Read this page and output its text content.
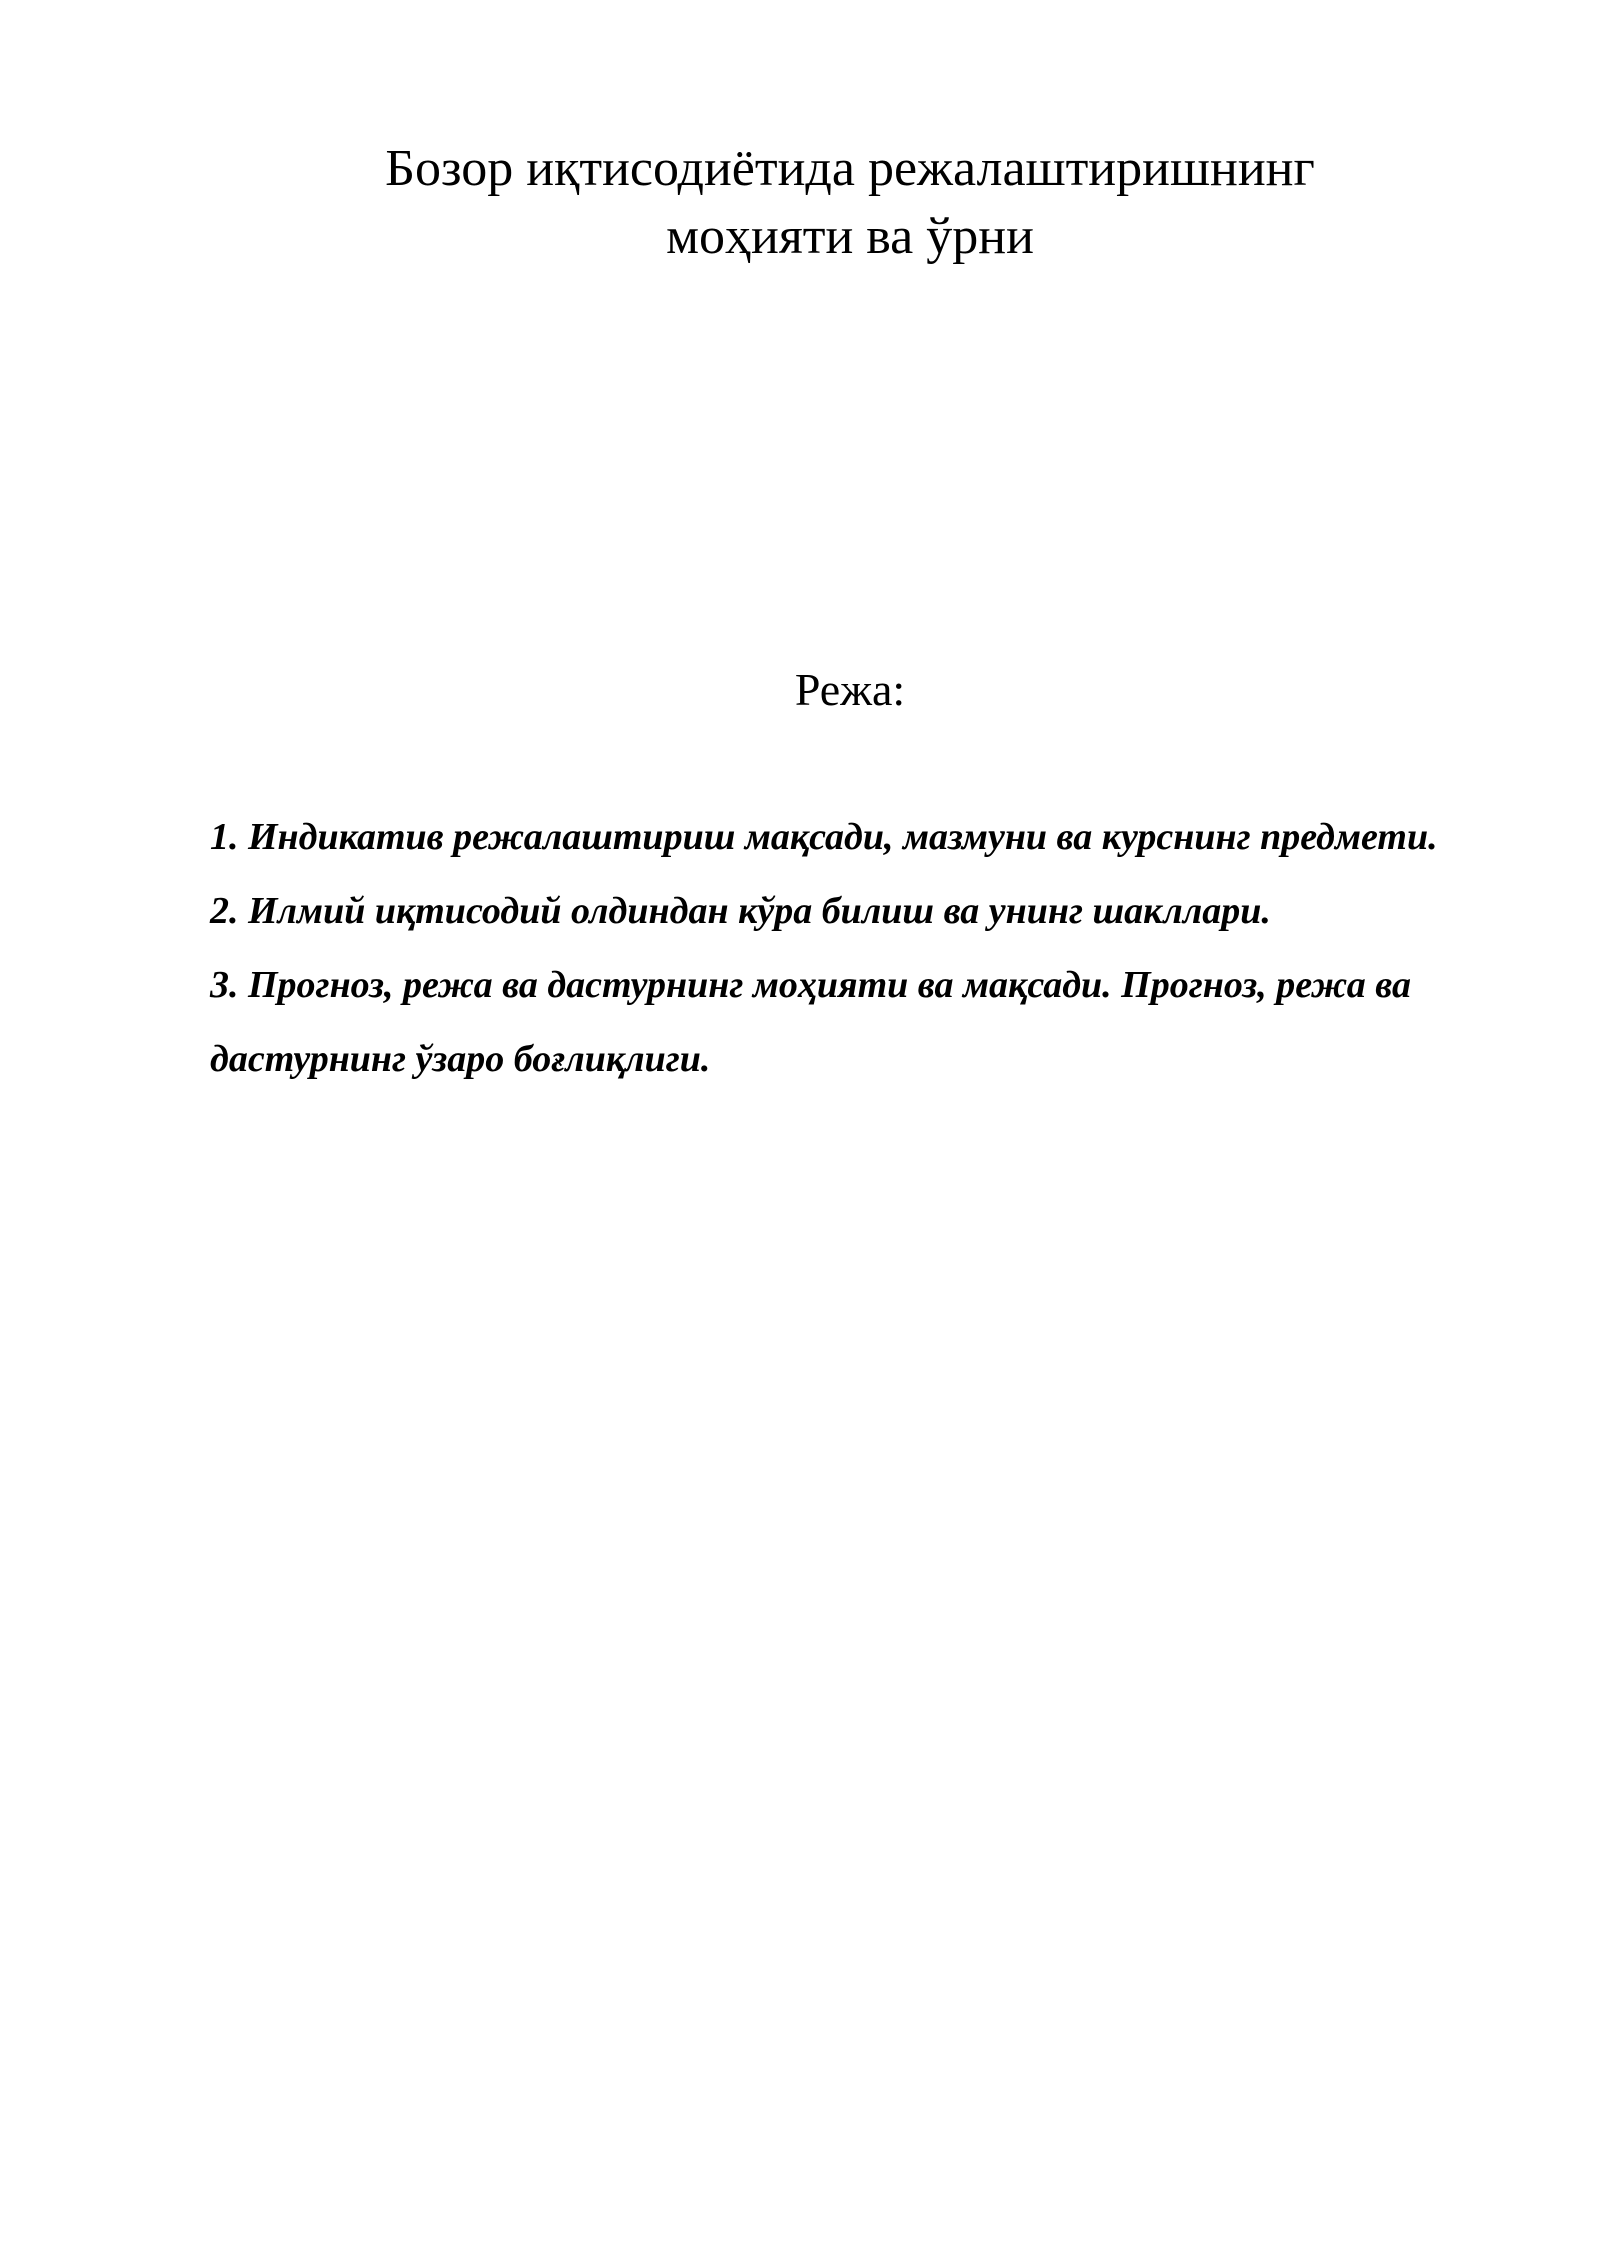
Бозор иқтисодиётида режалаштиришнинг
моҳияти ва ўрни

Режа:

1. Индикатив режалаштириш мақсади, мазмуни ва курснинг предмети.
2. Илмий иқтисодий олдиндан кўра билиш ва унинг шакллари.
3. Прогноз, режа ва дастурнинг моҳияти ва мақсади. Прогноз, режа ва дастурнинг ўзаро боғлиқлиги.
